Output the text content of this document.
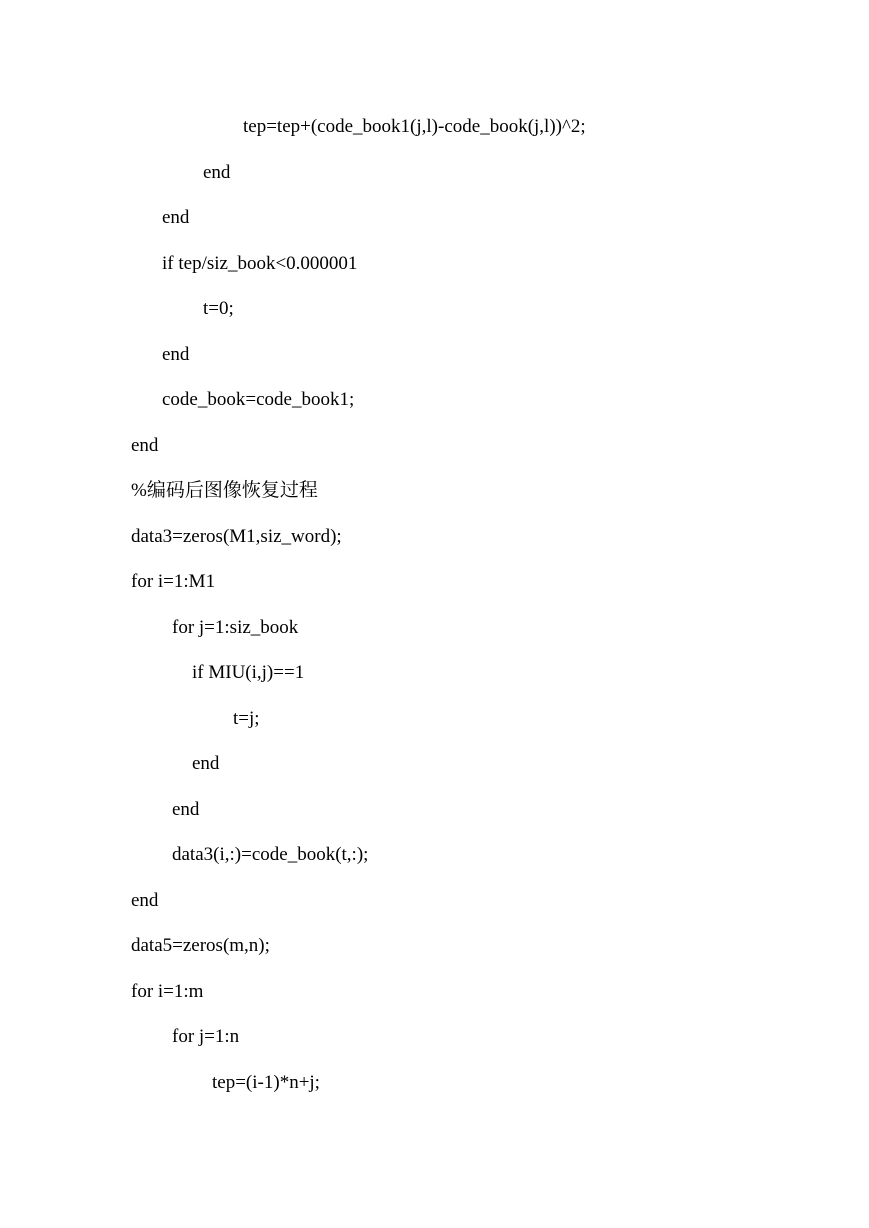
tep=tep+(code_book1(j,l)-code_book(j,l))^2;
end
end
if tep/siz_book<0.000001
t=0;
end
code_book=code_book1;
end
%编码后图像恢复过程
data3=zeros(M1,siz_word);
for i=1:M1
for j=1:siz_book
if MIU(i,j)==1
t=j;
end
end
data3(i,:)=code_book(t,:);
end
data5=zeros(m,n);
for i=1:m
for j=1:n
tep=(i-1)*n+j;
